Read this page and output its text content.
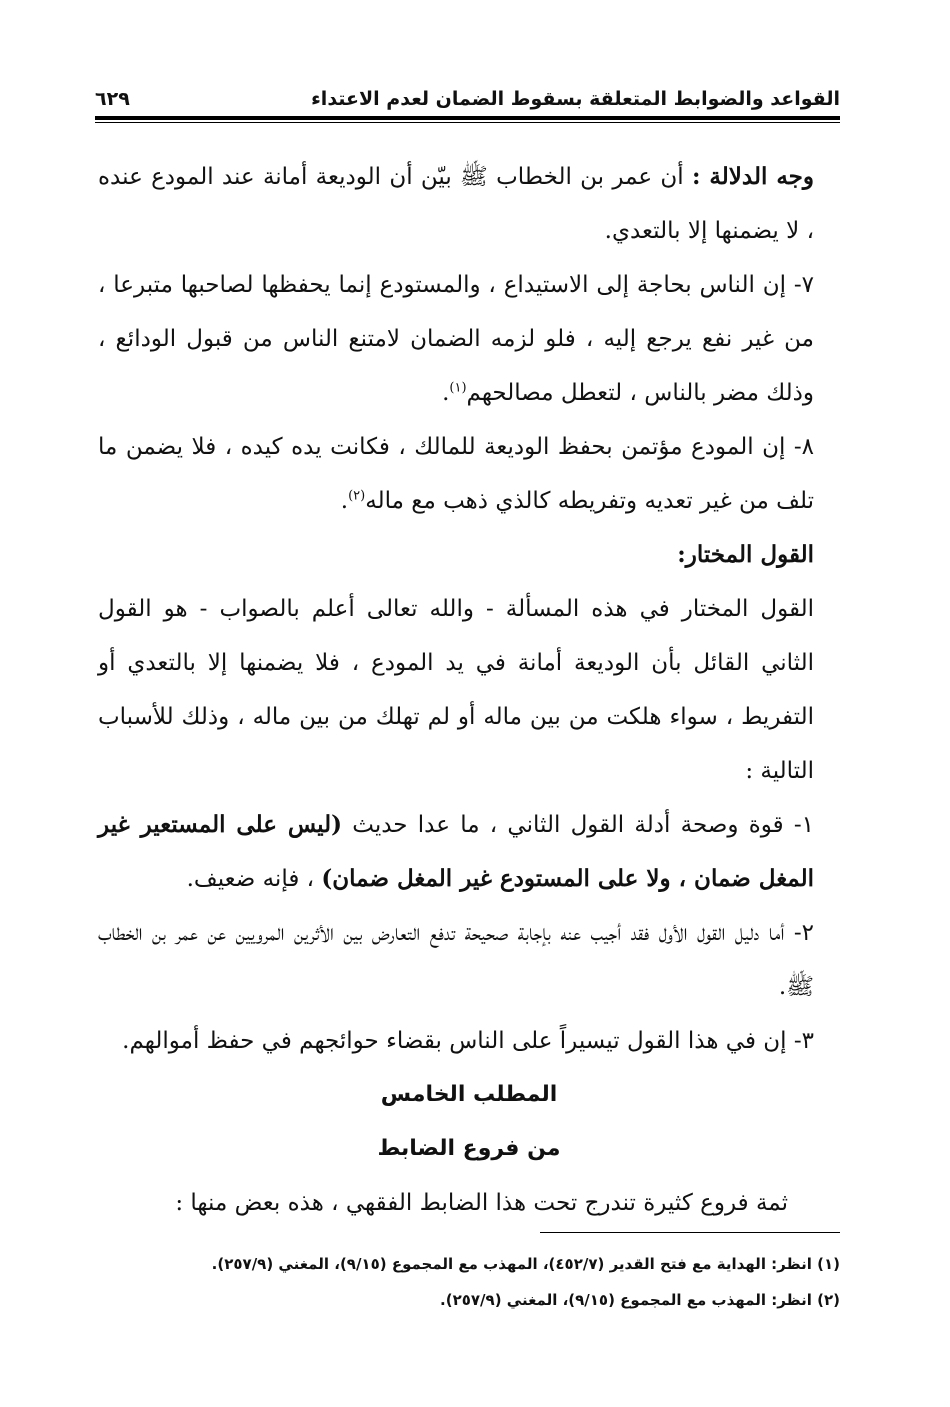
القواعد والضوابط المتعلقة بسقوط الضمان لعدم الاعتداء
٦٢٩

وجه الدلالة : أن عمر بن الخطاب ﷺ بيّن أن الوديعة أمانة عند المودع عنده ، لا يضمنها إلا بالتعدي.

٧- إن الناس بحاجة إلى الاستيداع ، والمستودع إنما يحفظها لصاحبها متبرعا ، من غير نفع يرجع إليه ، فلو لزمه الضمان لامتنع الناس من قبول الودائع ، وذلك مضر بالناس ، لتعطل مصالحهم$^{(١)}$.

٨- إن المودع مؤتمن بحفظ الوديعة للمالك ، فكانت يده كيده ، فلا يضمن ما تلف من غير تعديه وتفريطه كالذي ذهب مع ماله$^{(٢)}$.

القول المختار:

القول المختار في هذه المسألة - والله تعالى أعلم بالصواب - هو القول الثاني القائل بأن الوديعة أمانة في يد المودع ، فلا يضمنها إلا بالتعدي أو التفريط ، سواء هلكت من بين ماله أو لم تهلك من بين ماله ، وذلك للأسباب التالية :

١- قوة وصحة أدلة القول الثاني ، ما عدا حديث (ليس على المستعير غير المغل ضمان ، ولا على المستودع غير المغل ضمان) ، فإنه ضعيف.

٢- أما دليل القول الأول فقد أجيب عنه بإجابة صحيحة تدفع التعارض بين الأثرين المرويين عن عمر بن الخطاب ﷺ.

٣- إن في هذا القول تيسيراً على الناس بقضاء حوائجهم في حفظ أموالهم.

المطلب الخامس

من فروع الضابط

ثمة فروع كثيرة تندرج تحت هذا الضابط الفقهي ، هذه بعض منها :

(١) انظر: الهداية مع فتح القدير (٤٥٢/٧)، المهذب مع المجموع (٩/١٥)، المغني (٢٥٧/٩).

(٢) انظر: المهذب مع المجموع (٩/١٥)، المغني (٢٥٧/٩).
